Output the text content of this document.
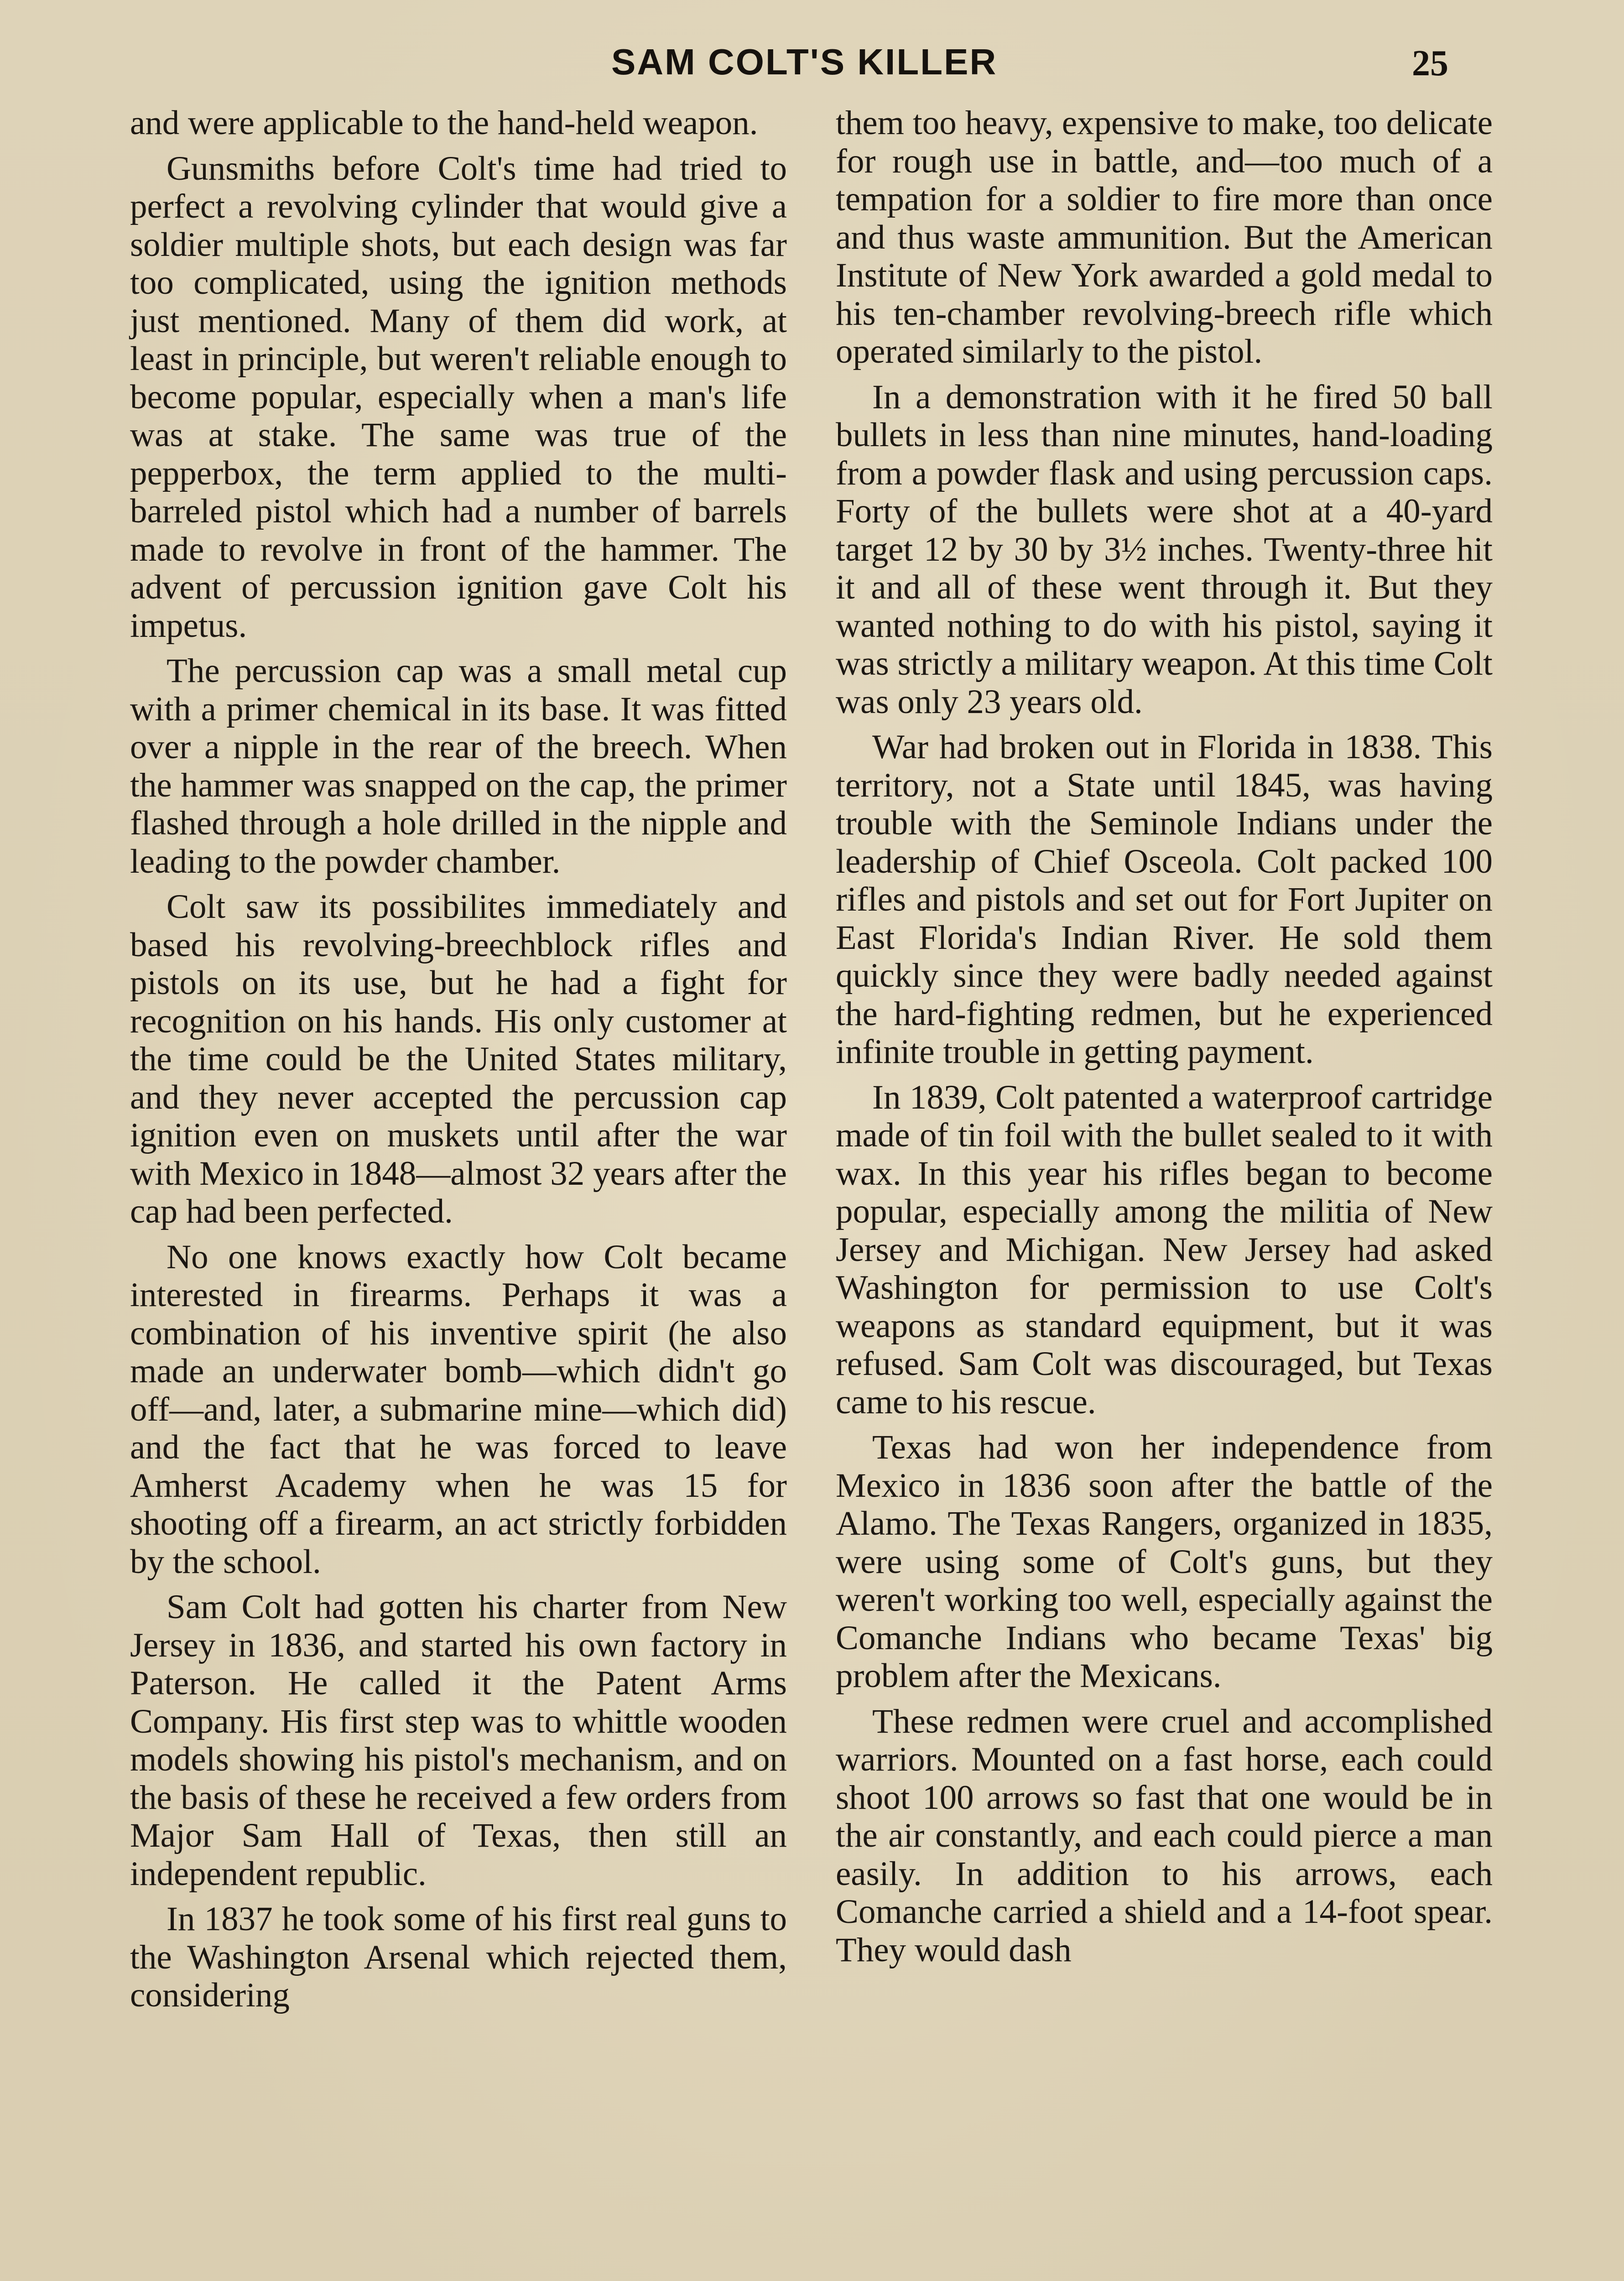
SAM COLT'S KILLER	25

and were applicable to the hand-held weapon.

Gunsmiths before Colt's time had tried to perfect a revolving cylinder that would give a soldier multiple shots, but each design was far too complicated, using the ignition methods just mentioned. Many of them did work, at least in principle, but weren't reliable enough to become popular, especially when a man's life was at stake. The same was true of the pepperbox, the term applied to the multi-barreled pistol which had a number of barrels made to revolve in front of the hammer. The advent of percussion ignition gave Colt his impetus.

The percussion cap was a small metal cup with a primer chemical in its base. It was fitted over a nipple in the rear of the breech. When the hammer was snapped on the cap, the primer flashed through a hole drilled in the nipple and leading to the powder chamber.

Colt saw its possibilites immediately and based his revolving-breechblock rifles and pistols on its use, but he had a fight for recognition on his hands. His only customer at the time could be the United States military, and they never accepted the percussion cap ignition even on muskets until after the war with Mexico in 1848—almost 32 years after the cap had been perfected.

No one knows exactly how Colt became interested in firearms. Perhaps it was a combination of his inventive spirit (he also made an underwater bomb—which didn't go off—and, later, a submarine mine—which did) and the fact that he was forced to leave Amherst Academy when he was 15 for shooting off a firearm, an act strictly forbidden by the school.

Sam Colt had gotten his charter from New Jersey in 1836, and started his own factory in Paterson. He called it the Patent Arms Company. His first step was to whittle wooden models showing his pistol's mechanism, and on the basis of these he received a few orders from Major Sam Hall of Texas, then still an independent republic.

In 1837 he took some of his first real guns to the Washington Arsenal which rejected them, considering

them too heavy, expensive to make, too delicate for rough use in battle, and—too much of a tempation for a soldier to fire more than once and thus waste ammunition. But the American Institute of New York awarded a gold medal to his ten-chamber revolving-breech rifle which operated similarly to the pistol.

In a demonstration with it he fired 50 ball bullets in less than nine minutes, hand-loading from a powder flask and using percussion caps. Forty of the bullets were shot at a 40-yard target 12 by 30 by 3½ inches. Twenty-three hit it and all of these went through it. But they wanted nothing to do with his pistol, saying it was strictly a military weapon. At this time Colt was only 23 years old.

War had broken out in Florida in 1838. This territory, not a State until 1845, was having trouble with the Seminole Indians under the leadership of Chief Osceola. Colt packed 100 rifles and pistols and set out for Fort Jupiter on East Florida's Indian River. He sold them quickly since they were badly needed against the hard-fighting redmen, but he experienced infinite trouble in getting payment.

In 1839, Colt patented a waterproof cartridge made of tin foil with the bullet sealed to it with wax. In this year his rifles began to become popular, especially among the militia of New Jersey and Michigan. New Jersey had asked Washington for permission to use Colt's weapons as standard equipment, but it was refused. Sam Colt was discouraged, but Texas came to his rescue.

Texas had won her independence from Mexico in 1836 soon after the battle of the Alamo. The Texas Rangers, organized in 1835, were using some of Colt's guns, but they weren't working too well, especially against the Comanche Indians who became Texas' big problem after the Mexicans.

These redmen were cruel and accomplished warriors. Mounted on a fast horse, each could shoot 100 arrows so fast that one would be in the air constantly, and each could pierce a man easily. In addition to his arrows, each Comanche carried a shield and a 14-foot spear. They would dash
